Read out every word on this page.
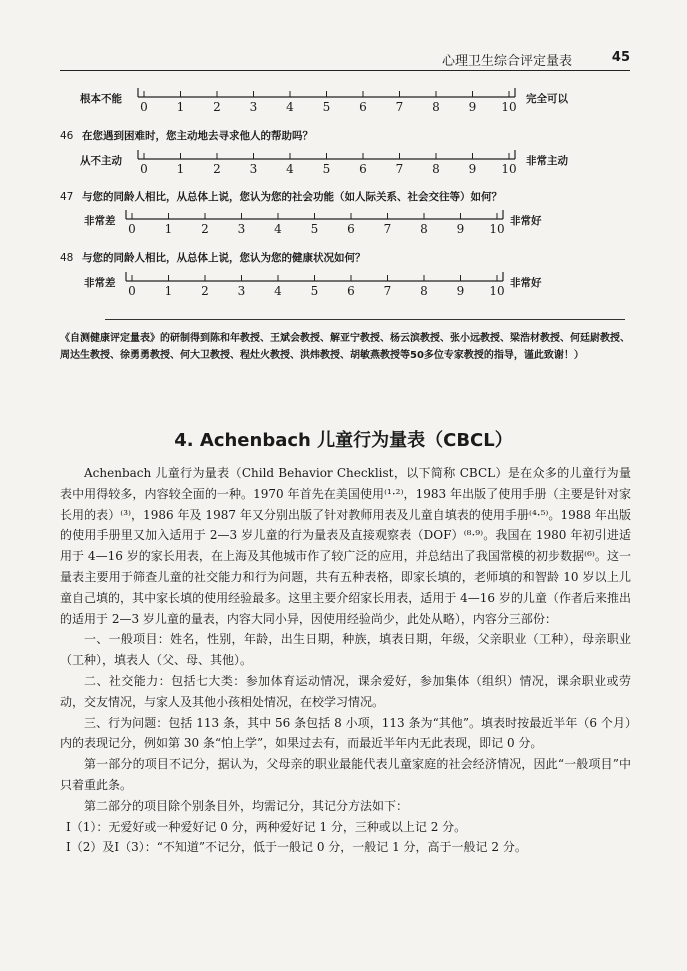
心理卫生综合评定量表	45
根本不能	完全可以
0	1	2	3	4	5	6	7	8	9	10
46 在您遇到困难时，您主动地去寻求他人的帮助吗？
从不主动	非常主动
0	1	2	3	4	5	6	7	8	9	10
47 与您的同龄人相比，从总体上说，您认为您的社会功能（如人际关系、社会交往等）如何？
非常差	非常好
0	1	2	3	4	5	6	7	8	9	10
48 与您的同龄人相比，从总体上说，您认为您的健康状况如何？
非常差	非常好
0	1	2	3	4	5	6	7	8	9	10
《自测健康评定量表》的研制得到陈和年教授、王斌会教授、解亚宁教授、杨云滨教授、张小远教授、梁浩材教授、何廷尉教授、周达生教授、徐勇勇教授、何大卫教授、程灶火教授、洪炜教授、胡敏燕教授等50多位专家教授的指导，谨此致谢！）
4. Achenbach 儿童行为量表（CBCL）

Achenbach 儿童行为量表（Child Behavior Checklist，以下简称 CBCL）是在众多的儿童行为量表中用得较多，内容较全面的一种。1970 年首先在美国使用⁽¹·²⁾，1983 年出版了使用手册（主要是针对家长用的表）⁽³⁾，1986 年及 1987 年又分别出版了针对教师用表及儿童自填表的使用手册⁽⁴·⁵⁾。1988 年出版的使用手册里又加入适用于 2—3 岁儿童的行为量表及直接观察表（DOF）⁽⁸·⁹⁾。我国在 1980 年初引进适用于 4—16 岁的家长用表，在上海及其他城市作了较广泛的应用，并总结出了我国常模的初步数据⁽⁶⁾。这一量表主要用于筛查儿童的社交能力和行为问题，共有五种表格，即家长填的，老师填的和智龄 10 岁以上儿童自己填的，其中家长填的使用经验最多。这里主要介绍家长用表，适用于 4—16 岁的儿童（作者后来推出的适用于 2—3 岁儿童的量表，内容大同小异，因使用经验尚少，此处从略），内容分三部份：

一、一般项目：姓名，性别，年龄，出生日期，种族，填表日期，年级，父亲职业（工种），母亲职业（工种），填表人（父、母、其他）。

二、社交能力：包括七大类：参加体育运动情况，课余爱好，参加集体（组织）情况，课余职业或劳动，交友情况，与家人及其他小孩相处情况，在校学习情况。

三、行为问题：包括 113 条，其中 56 条包括 8 小项，113 条为“其他”。填表时按最近半年（6 个月）内的表现记分，例如第 30 条“怕上学”，如果过去有，而最近半年内无此表现，即记 0 分。

第一部分的项目不记分，据认为，父母亲的职业最能代表儿童家庭的社会经济情况，因此“一般项目”中只着重此条。

第二部分的项目除个别条目外，均需记分，其记分方法如下：

Ⅰ（1）：无爱好或一种爱好记 0 分，两种爱好记 1 分，三种或以上记 2 分。

Ⅰ（2）及Ⅰ（3）：“不知道”不记分，低于一般记 0 分，一般记 1 分，高于一般记 2 分。
